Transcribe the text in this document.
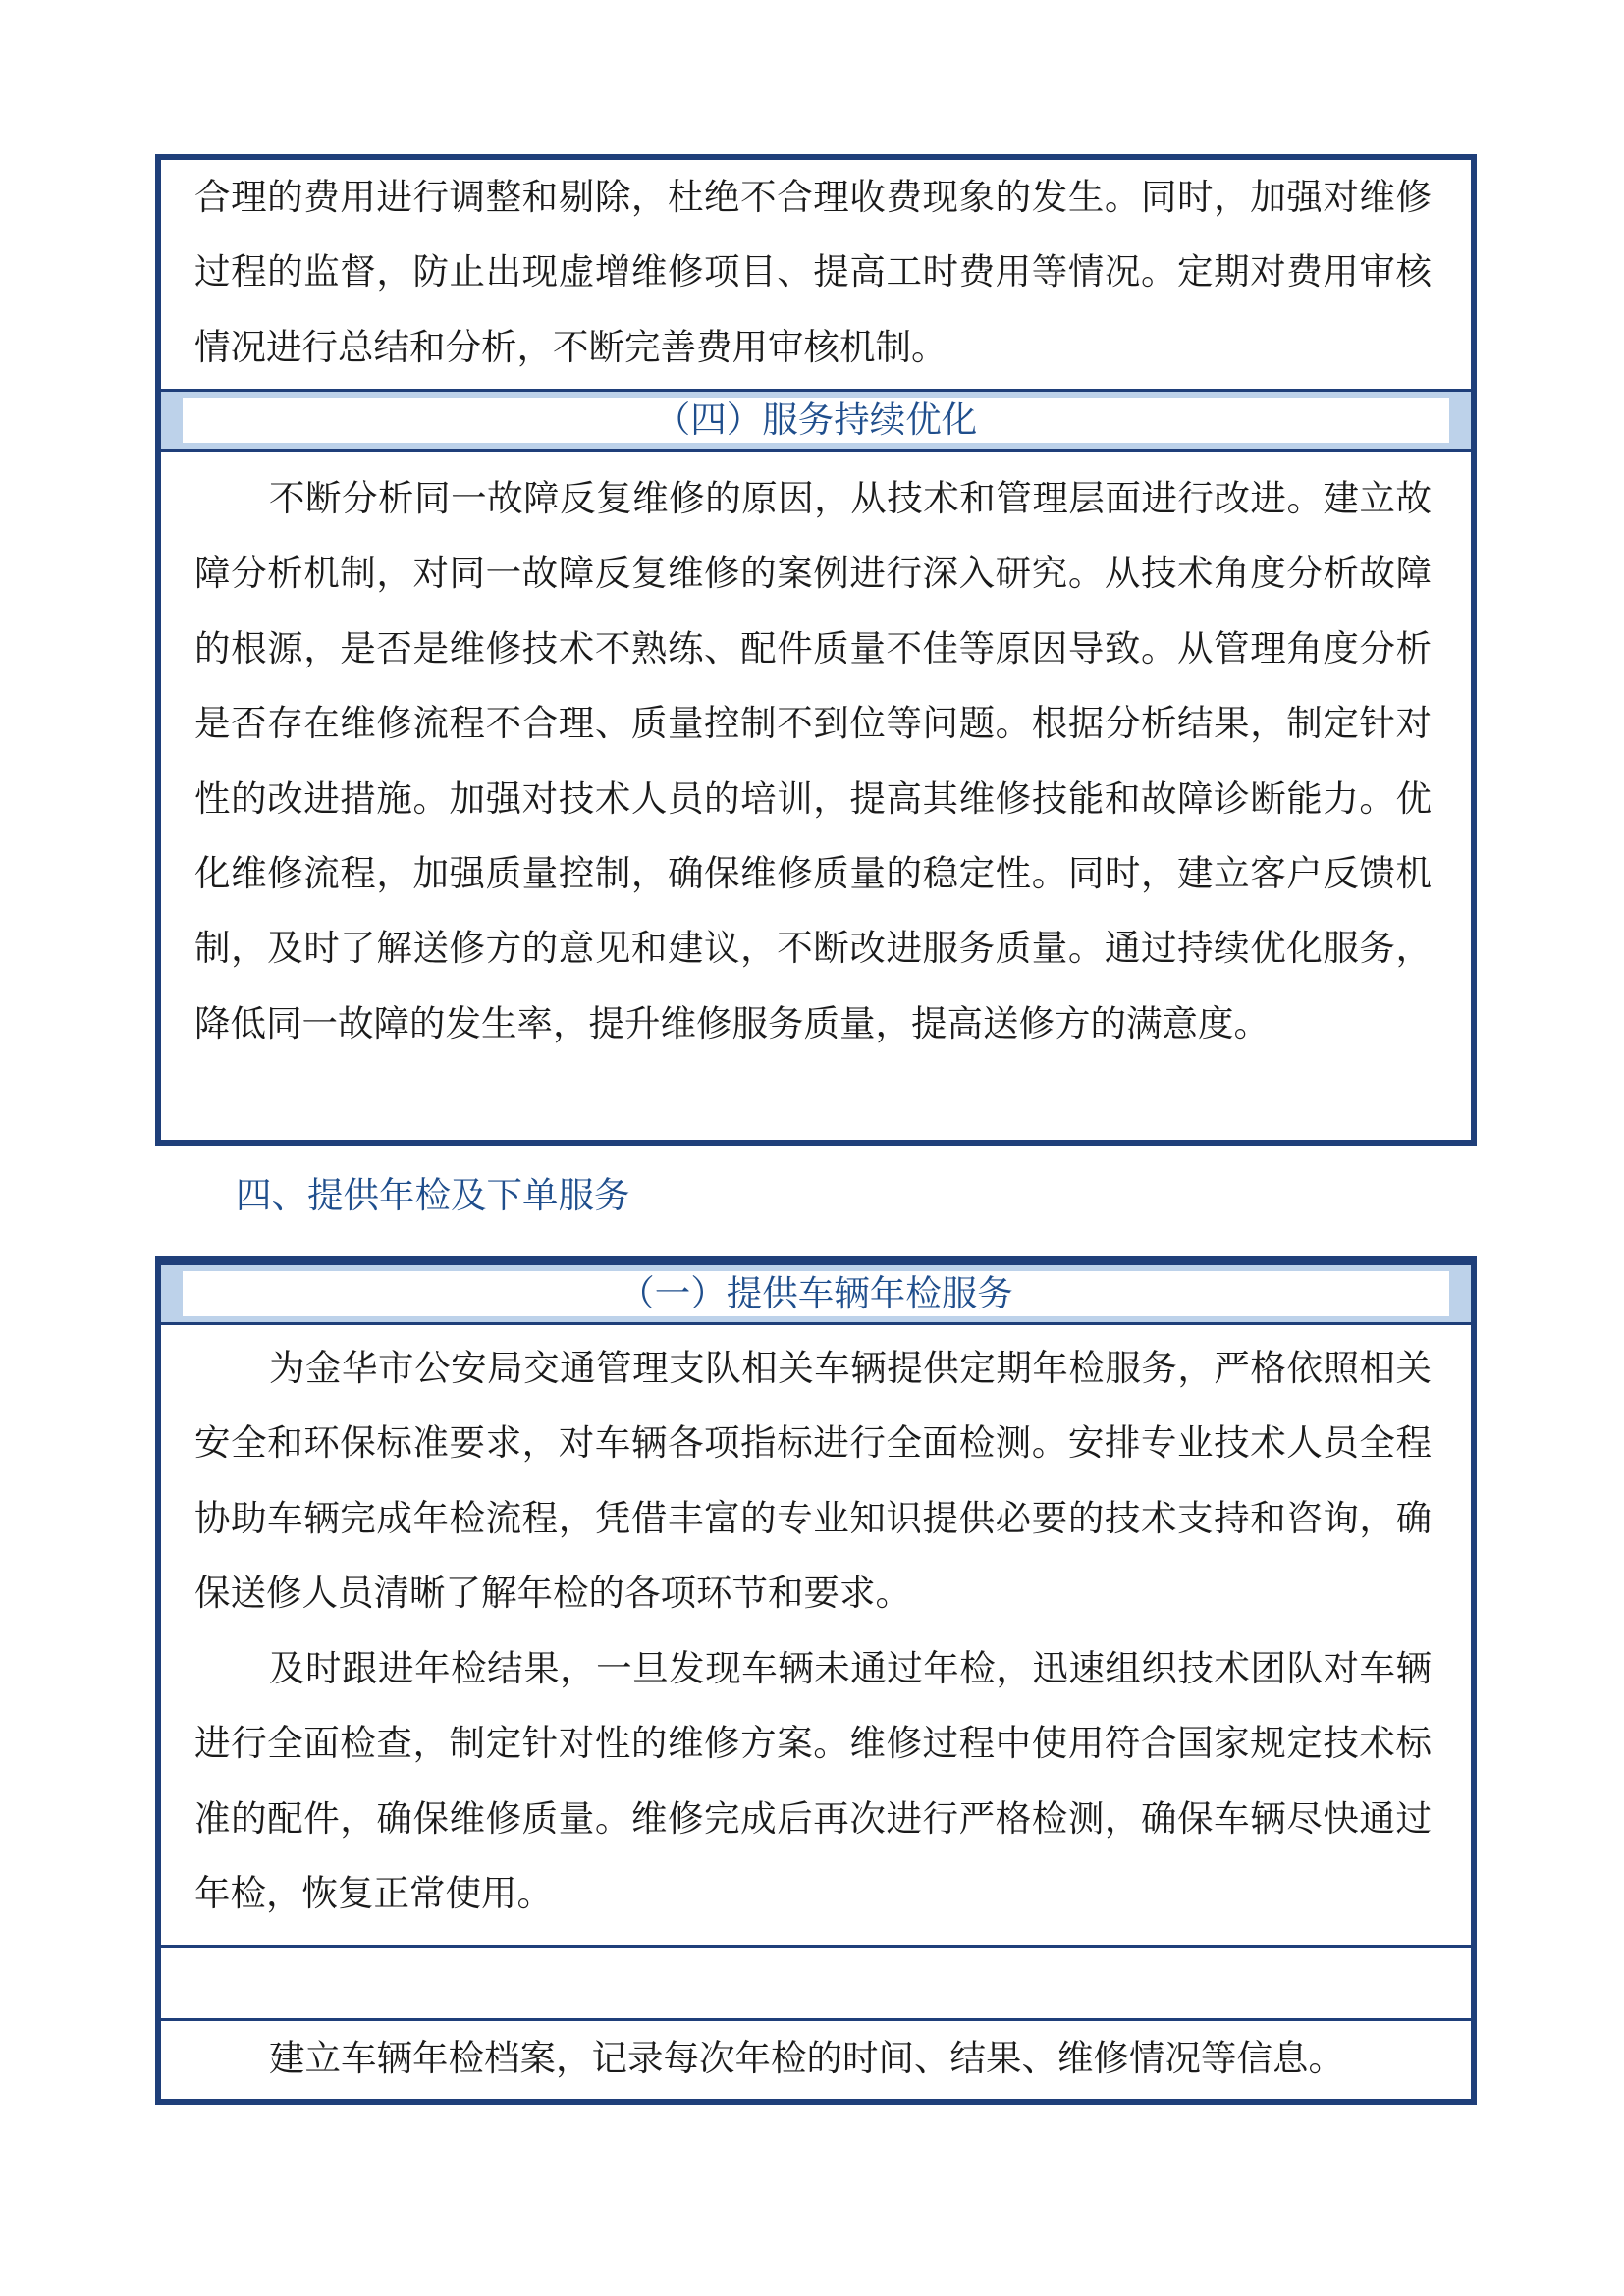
合理的费用进行调整和剔除，杜绝不合理收费现象的发生。同时，加强对维修过程的监督，防止出现虚增维修项目、提高工时费用等情况。定期对费用审核情况进行总结和分析，不断完善费用审核机制。
（四）服务持续优化
不断分析同一故障反复维修的原因，从技术和管理层面进行改进。建立故障分析机制，对同一故障反复维修的案例进行深入研究。从技术角度分析故障的根源，是否是维修技术不熟练、配件质量不佳等原因导致。从管理角度分析是否存在维修流程不合理、质量控制不到位等问题。根据分析结果，制定针对性的改进措施。加强对技术人员的培训，提高其维修技能和故障诊断能力。优化维修流程，加强质量控制，确保维修质量的稳定性。同时，建立客户反馈机制，及时了解送修方的意见和建议，不断改进服务质量。通过持续优化服务，降低同一故障的发生率，提升维修服务质量，提高送修方的满意度。
四、提供年检及下单服务
（一）提供车辆年检服务
为金华市公安局交通管理支队相关车辆提供定期年检服务，严格依照相关安全和环保标准要求，对车辆各项指标进行全面检测。安排专业技术人员全程协助车辆完成年检流程，凭借丰富的专业知识提供必要的技术支持和咨询，确保送修人员清晰了解年检的各项环节和要求。
及时跟进年检结果，一旦发现车辆未通过年检，迅速组织技术团队对车辆进行全面检查，制定针对性的维修方案。维修过程中使用符合国家规定技术标准的配件，确保维修质量。维修完成后再次进行严格检测，确保车辆尽快通过年检，恢复正常使用。
建立车辆年检档案，记录每次年检的时间、结果、维修情况等信息。
